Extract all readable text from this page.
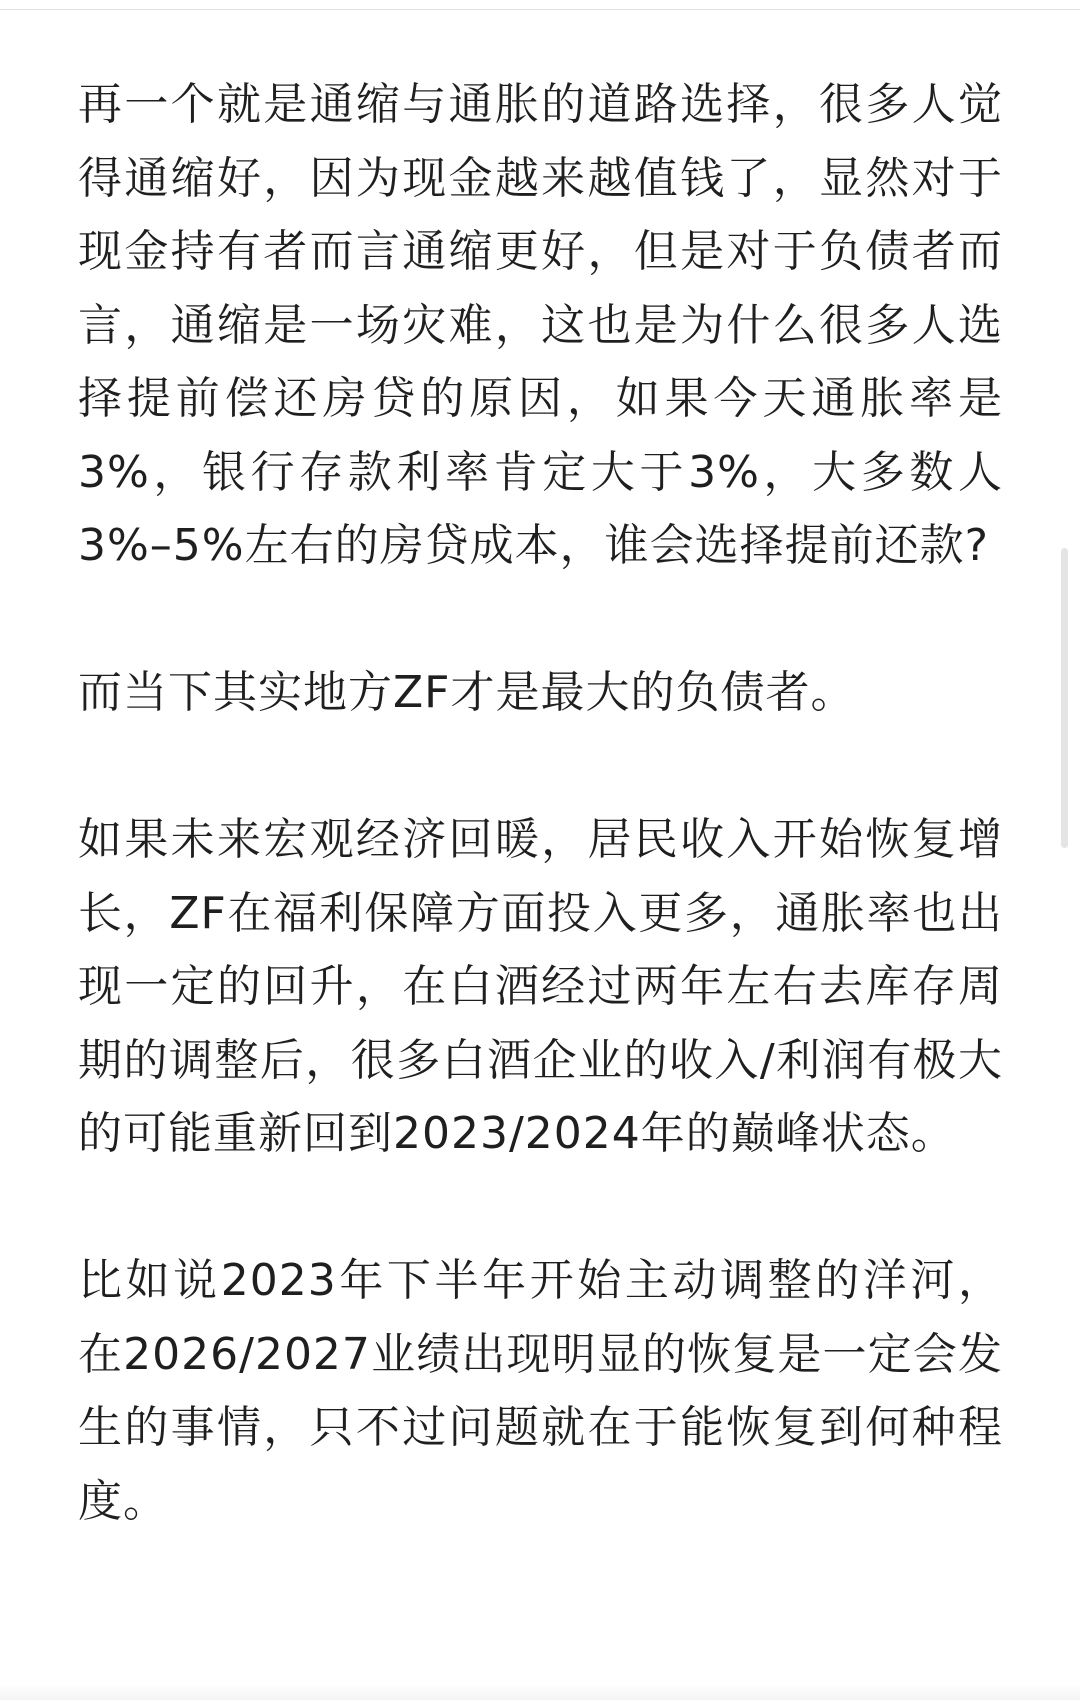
再一个就是通缩与通胀的道路选择，很多人觉得通缩好，因为现金越来越值钱了，显然对于现金持有者而言通缩更好，但是对于负债者而言，通缩是一场灾难，这也是为什么很多人选择提前偿还房贷的原因，如果今天通胀率是3%，银行存款利率肯定大于3%，大多数人3%–5%左右的房贷成本，谁会选择提前还款?

而当下其实地方ZF才是最大的负债者。

如果未来宏观经济回暖，居民收入开始恢复增长，ZF在福利保障方面投入更多，通胀率也出现一定的回升，在白酒经过两年左右去库存周期的调整后，很多白酒企业的收入/利润有极大的可能重新回到2023/2024年的巅峰状态。

比如说2023年下半年开始主动调整的洋河，在2026/2027业绩出现明显的恢复是一定会发生的事情，只不过问题就在于能恢复到何种程度。
